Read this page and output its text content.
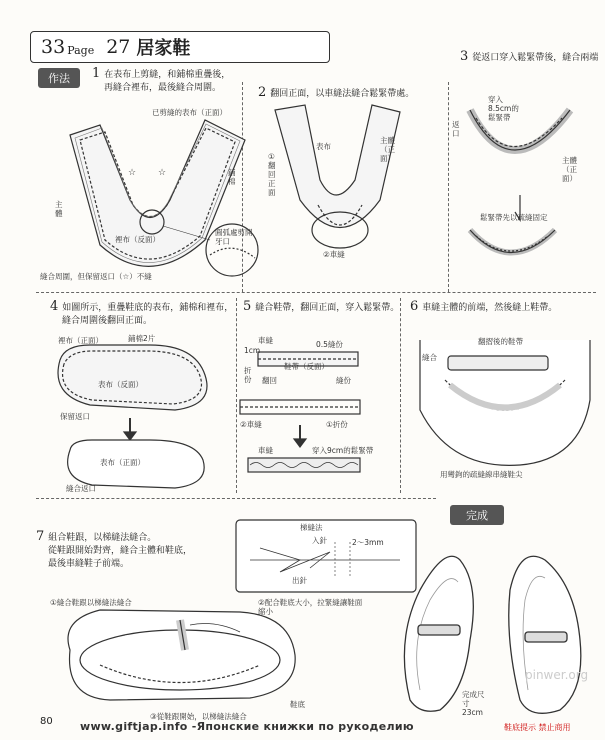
33 Page 27 居家鞋
作法
完成
1 在表布上剪縫，和鋪棉重疊後，
再縫合裡布，最後縫合周圍。	2 翻回正面，以車縫法縫合鬆緊帶處。
3 從返口穿入鬆緊帶後，縫合兩端
4 如圖所示，重疊鞋底的表布，鋪棉和裡布，
縫合周圍後翻回正面。
5 縫合鞋帶，翻回正面，穿入鬆緊帶。 6 車縫主體的前端，然後縫上鞋帶。
7 組合鞋跟，以梯縫法縫合。
從鞋跟開始對齊，縫合主體和鞋底，
最後車縫鞋子前端。
☆ ☆
已剪縫的表布（正面）
鋪棉
主體
裡布（反面）
圓弧處剪開牙口
縫合周圍，但保留返口（☆）不縫
表布
主體（正面）
①翻回正面
②車縫
穿入8.5cm的鬆緊帶
返口
主體（正面）
鬆緊帶先以疏縫固定
裡布（正面）	鋪棉2片
表布（反面）
保留返口
表布（正面）
縫合返口
車縫
1cm
折份
0.5縫份
鞋帶（反面）
翻回	縫份
②車縫	①折份
穿入9cm的鬆緊帶
車縫
翻摺後的鞋帶
縫合
用彎鉤的疏縫線串縫鞋尖
梯縫法
入針
出針
2～3mm
①縫合鞋跟以梯縫法縫合	②配合鞋底大小，拉緊縫讓鞋面縮小
③從鞋跟開始，以梯縫法縫合
鞋底
完成尺寸 23cm
pinwer.org
80 www.giftjap.info -Японские книжки по рукоделию	鞋底提示 禁止商用
